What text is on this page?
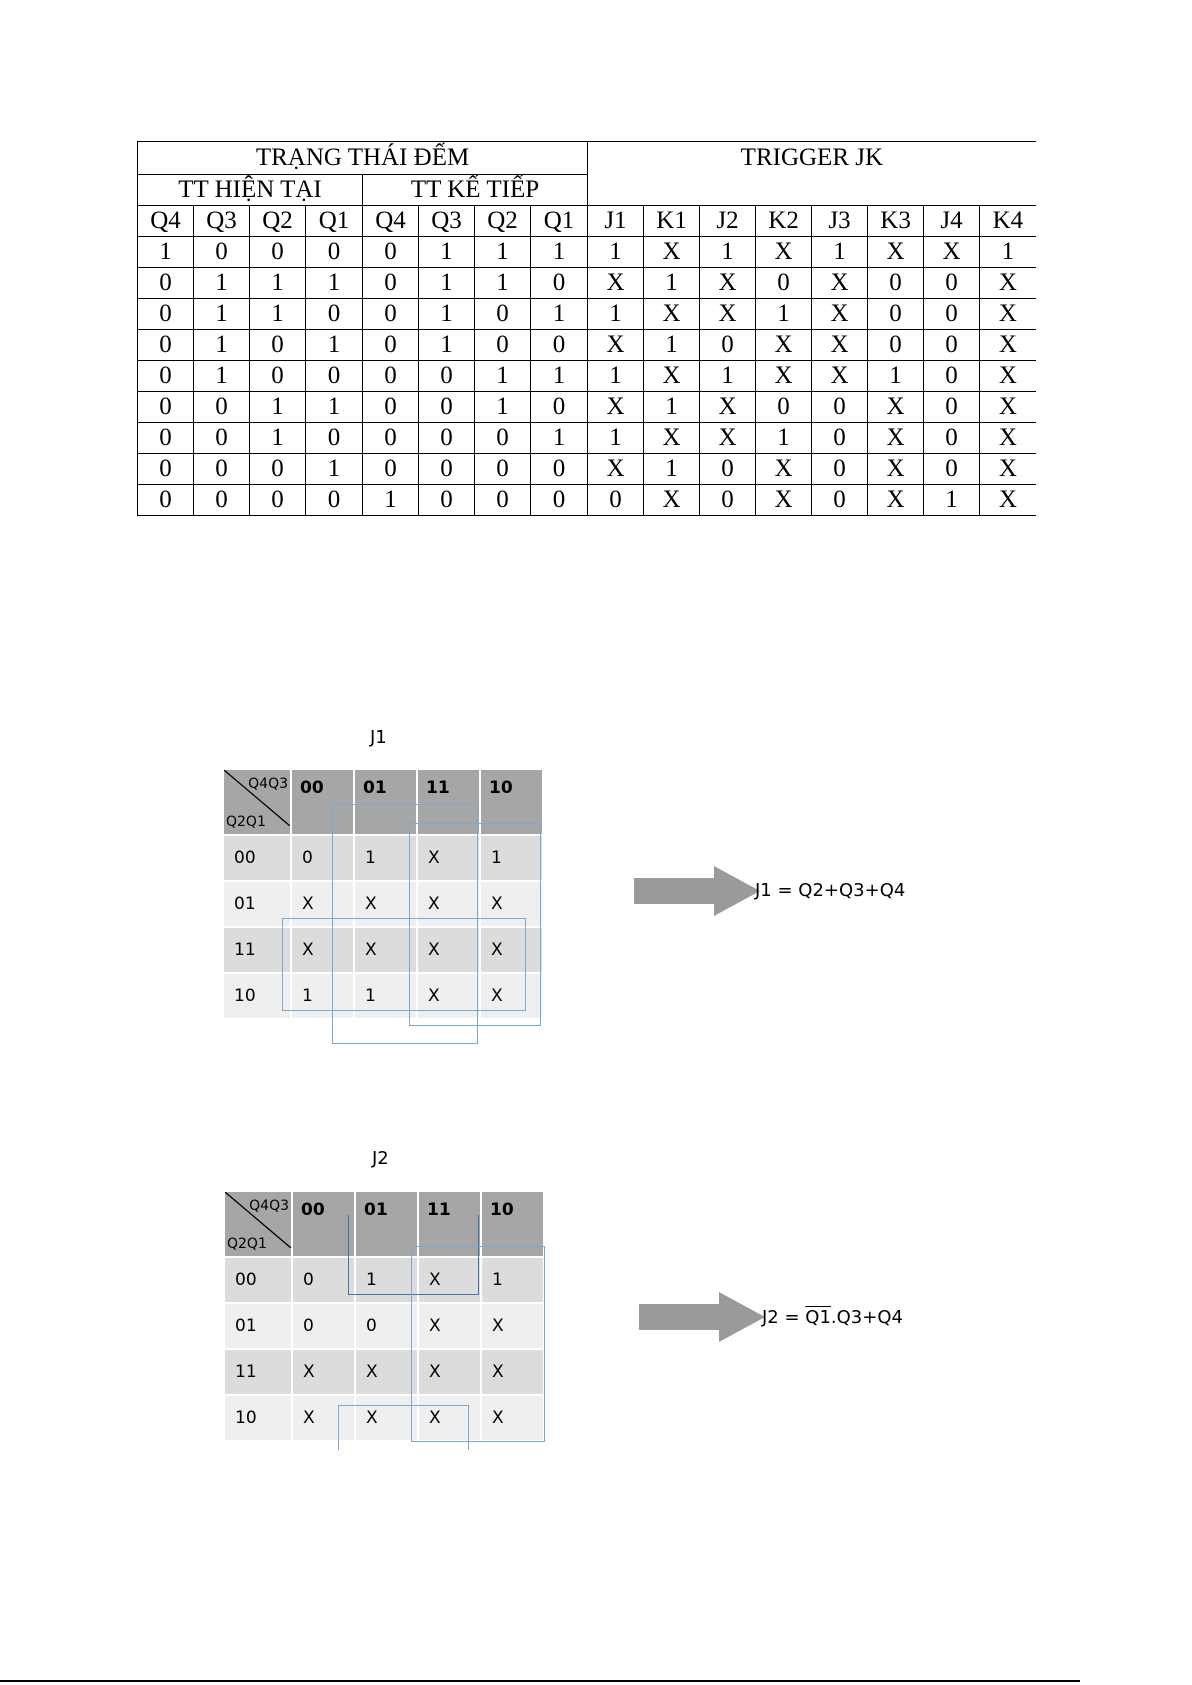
TRẠNG THÁI ĐẾM								TRIGGER JK							
TT HIỆN TẠI				TT KẾ TIẾP											
Q4	Q3	Q2	Q1	Q4	Q3	Q2	Q1	J1	K1	J2	K2	J3	K3	J4	K4
1	0	0	0	0	1	1	1	1	X	1	X	1	X	X	1
0	1	1	1	0	1	1	0	X	1	X	0	X	0	0	X
0	1	1	0	0	1	0	1	1	X	X	1	X	0	0	X
0	1	0	1	0	1	0	0	X	1	0	X	X	0	0	X
0	1	0	0	0	0	1	1	1	X	1	X	X	1	0	X
0	0	1	1	0	0	1	0	X	1	X	0	0	X	0	X
0	0	1	0	0	0	0	1	1	X	X	1	0	X	0	X
0	0	0	1	0	0	0	0	X	1	0	X	0	X	0	X
0	0	0	0	1	0	0	0	0	X	0	X	0	X	1	X
J1
Q4Q3
Q2Q1	00	01	11	10
00	0	1	X	1
01	X	X	X	X
11	X	X	X	X
10	1	1	X	X
J1 = Q2+Q3+Q4
J2
Q4Q3
Q2Q1	00	01	11	10
00	0	1	X	1
01	0	0	X	X
11	X	X	X	X
10	X	X	X	X
J2 = Q1.Q3+Q4
